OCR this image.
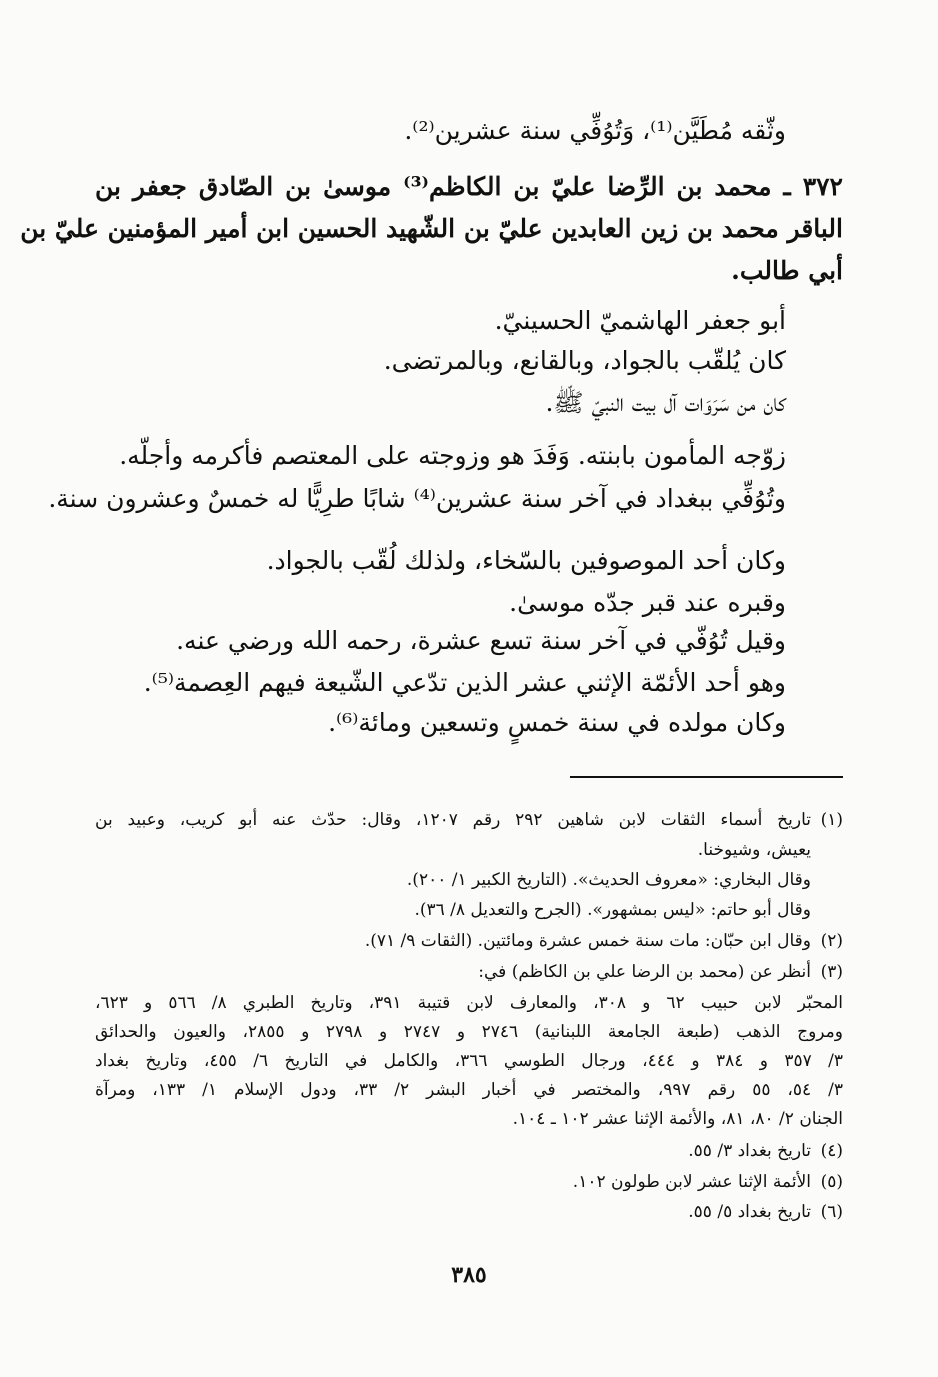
وثّقه مُطَيَّن⁽¹⁾، وَتُوُفِّي سنة عشرين⁽²⁾.
٣٧٢ ـ محمد بن الرِّضا عليّ بن الكاظم⁽³⁾ موسىٰ بن الصّادق جعفر بن
الباقر محمد بن زين العابدين عليّ بن الشّهيد الحسين ابن أمير المؤمنين عليّ بن
أبي طالب.
أبو جعفر الهاشميّ الحسينيّ.
كان يُلقّب بالجواد، وبالقانع، وبالمرتضى.
كان من سَرَوَات آل بيت النبيّ ﷺ.
زوّجه المأمون بابنته. وَفَدَ هو وزوجته على المعتصم فأكرمه وأجلّه.
وتُوُفِّي ببغداد في آخر سنة عشرين⁽⁴⁾ شابًا طرِيًّا له خمسٌ وعشرون سنة.
وكان أحد الموصوفين بالسّخاء، ولذلك لُقّب بالجواد.
وقبره عند قبر جدّه موسىٰ.
وقيل تُوُفّي في آخر سنة تسع عشرة، رحمه الله ورضي عنه.
وهو أحد الأئمّة الإثني عشر الذين تدّعي الشّيعة فيهم العِصمة⁽⁵⁾.
وكان مولده في سنة خمسٍ وتسعين ومائة⁽⁶⁾.
(١)تاريخ أسماء الثقات لابن شاهين ٢٩٢ رقم ١٢٠٧، وقال: حدّث عنه أبو كريب، وعبيد بن
يعيش، وشيوخنا.
وقال البخاري: «معروف الحديث». (التاريخ الكبير ١/ ٢٠٠).
وقال أبو حاتم: «ليس بمشهور». (الجرح والتعديل ٨/ ٣٦).
(٢)وقال ابن حبّان: مات سنة خمس عشرة ومائتين. (الثقات ٩/ ٧١).
(٣)أنظر عن (محمد بن الرضا علي بن الكاظم) في:
المحبّر لابن حبيب ٦٢ و ٣٠٨، والمعارف لابن قتيبة ٣٩١، وتاريخ الطبري ٨/ ٥٦٦ و ٦٢٣،
ومروج الذهب (طبعة الجامعة اللبنانية) ٢٧٤٦ و ٢٧٤٧ و ٢٧٩٨ و ٢٨٥٥، والعيون والحدائق
٣/ ٣٥٧ و ٣٨٤ و ٤٤٤، ورجال الطوسي ٣٦٦، والكامل في التاريخ ٦/ ٤٥٥، وتاريخ بغداد
٣/ ٥٤، ٥٥ رقم ٩٩٧، والمختصر في أخبار البشر ٢/ ٣٣، ودول الإسلام ١/ ١٣٣، ومرآة
الجنان ٢/ ٨٠، ٨١، والأئمة الإثنا عشر ١٠٢ ـ ١٠٤.
(٤)تاريخ بغداد ٣/ ٥٥.
(٥)الأئمة الإثنا عشر لابن طولون ١٠٢.
(٦)تاريخ بغداد ٥/ ٥٥.
٣٨٥
